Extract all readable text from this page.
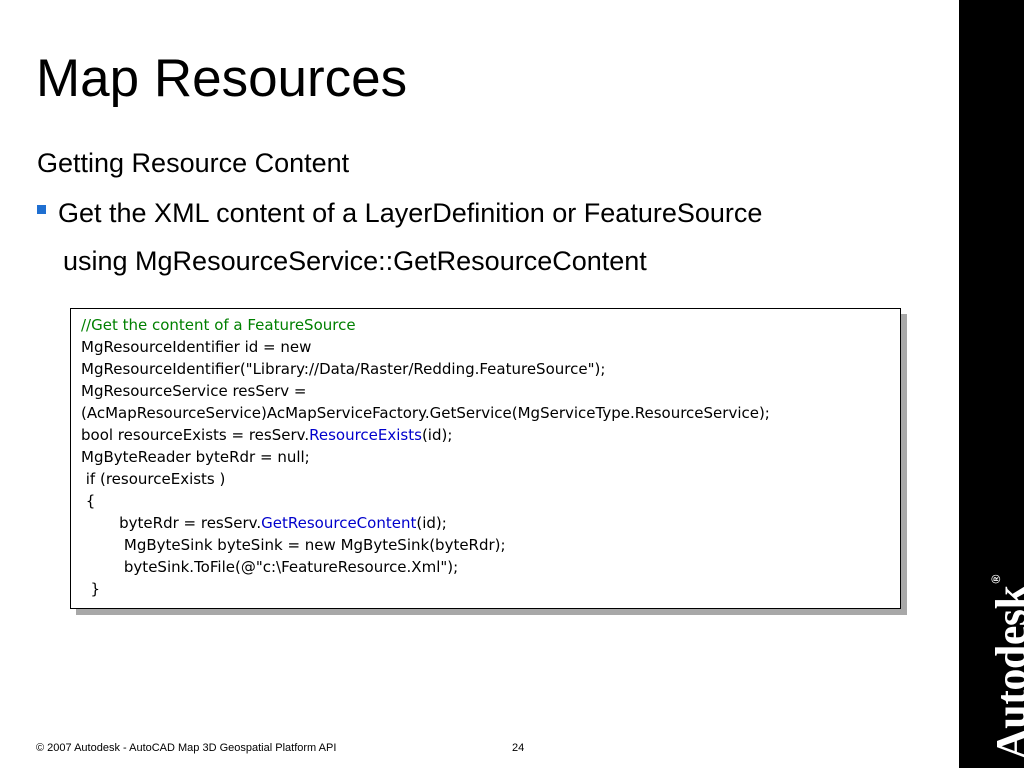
Autodesk®
Map Resources
Getting Resource Content
Get the XML content of a LayerDefinition or FeatureSource
using MgResourceService::GetResourceContent
//Get the content of a FeatureSource
MgResourceIdentifier id = new
MgResourceIdentifier("Library://Data/Raster/Redding.FeatureSource");
MgResourceService resServ =
(AcMapResourceService)AcMapServiceFactory.GetService(MgServiceType.ResourceService);
bool resourceExists = resServ.ResourceExists(id);
MgByteReader byteRdr = null;
if (resourceExists )
{
byteRdr = resServ.GetResourceContent(id);
MgByteSink byteSink = new MgByteSink(byteRdr);
byteSink.ToFile(@"c:\FeatureResource.Xml");
}
© 2007 Autodesk - AutoCAD Map 3D Geospatial Platform API	24
